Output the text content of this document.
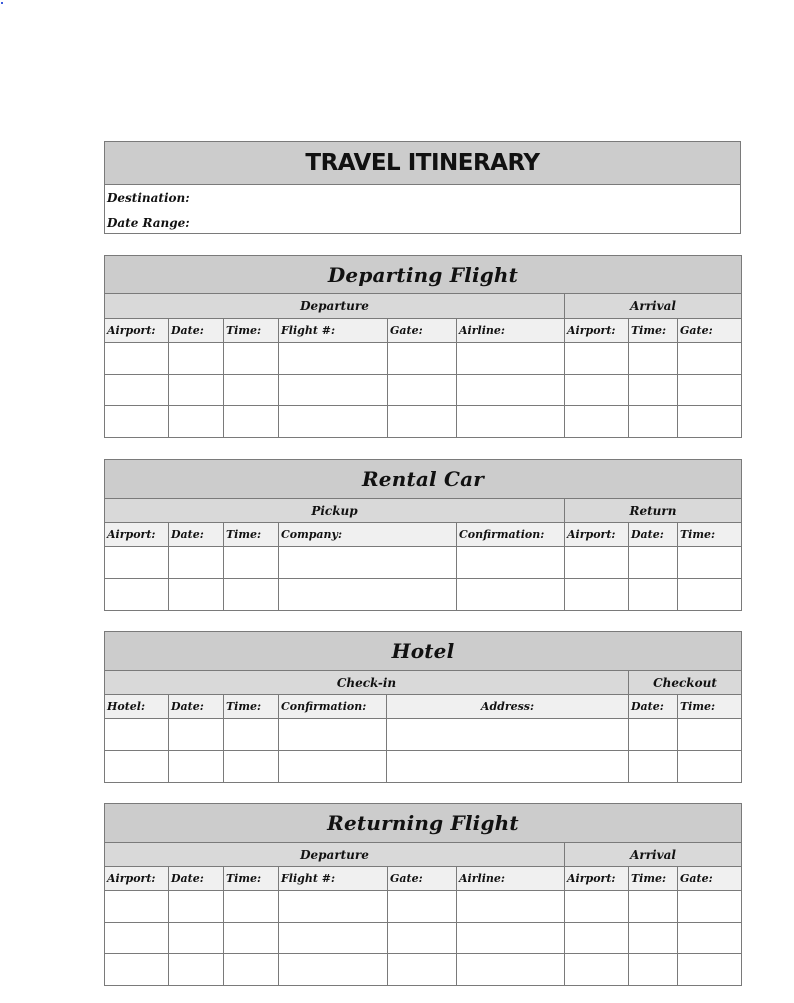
TRAVEL ITINERARY
Destination:
Date Range:
Departing Flight								
Departure						Arrival		
Airport:	Date:	Time:	Flight #:	Gate:	Airline:	Airport:	Time:	Gate:

Rental Car							
Pickup					Return		
Airport:	Date:	Time:	Company:	Confirmation:	Airport:	Date:	Time:

Hotel						
Check-in					Checkout	
Hotel:	Date:	Time:	Confirmation:	Address:	Date:	Time:

Returning Flight								
Departure						Arrival		
Airport:	Date:	Time:	Flight #:	Gate:	Airline:	Airport:	Time:	Gate:
